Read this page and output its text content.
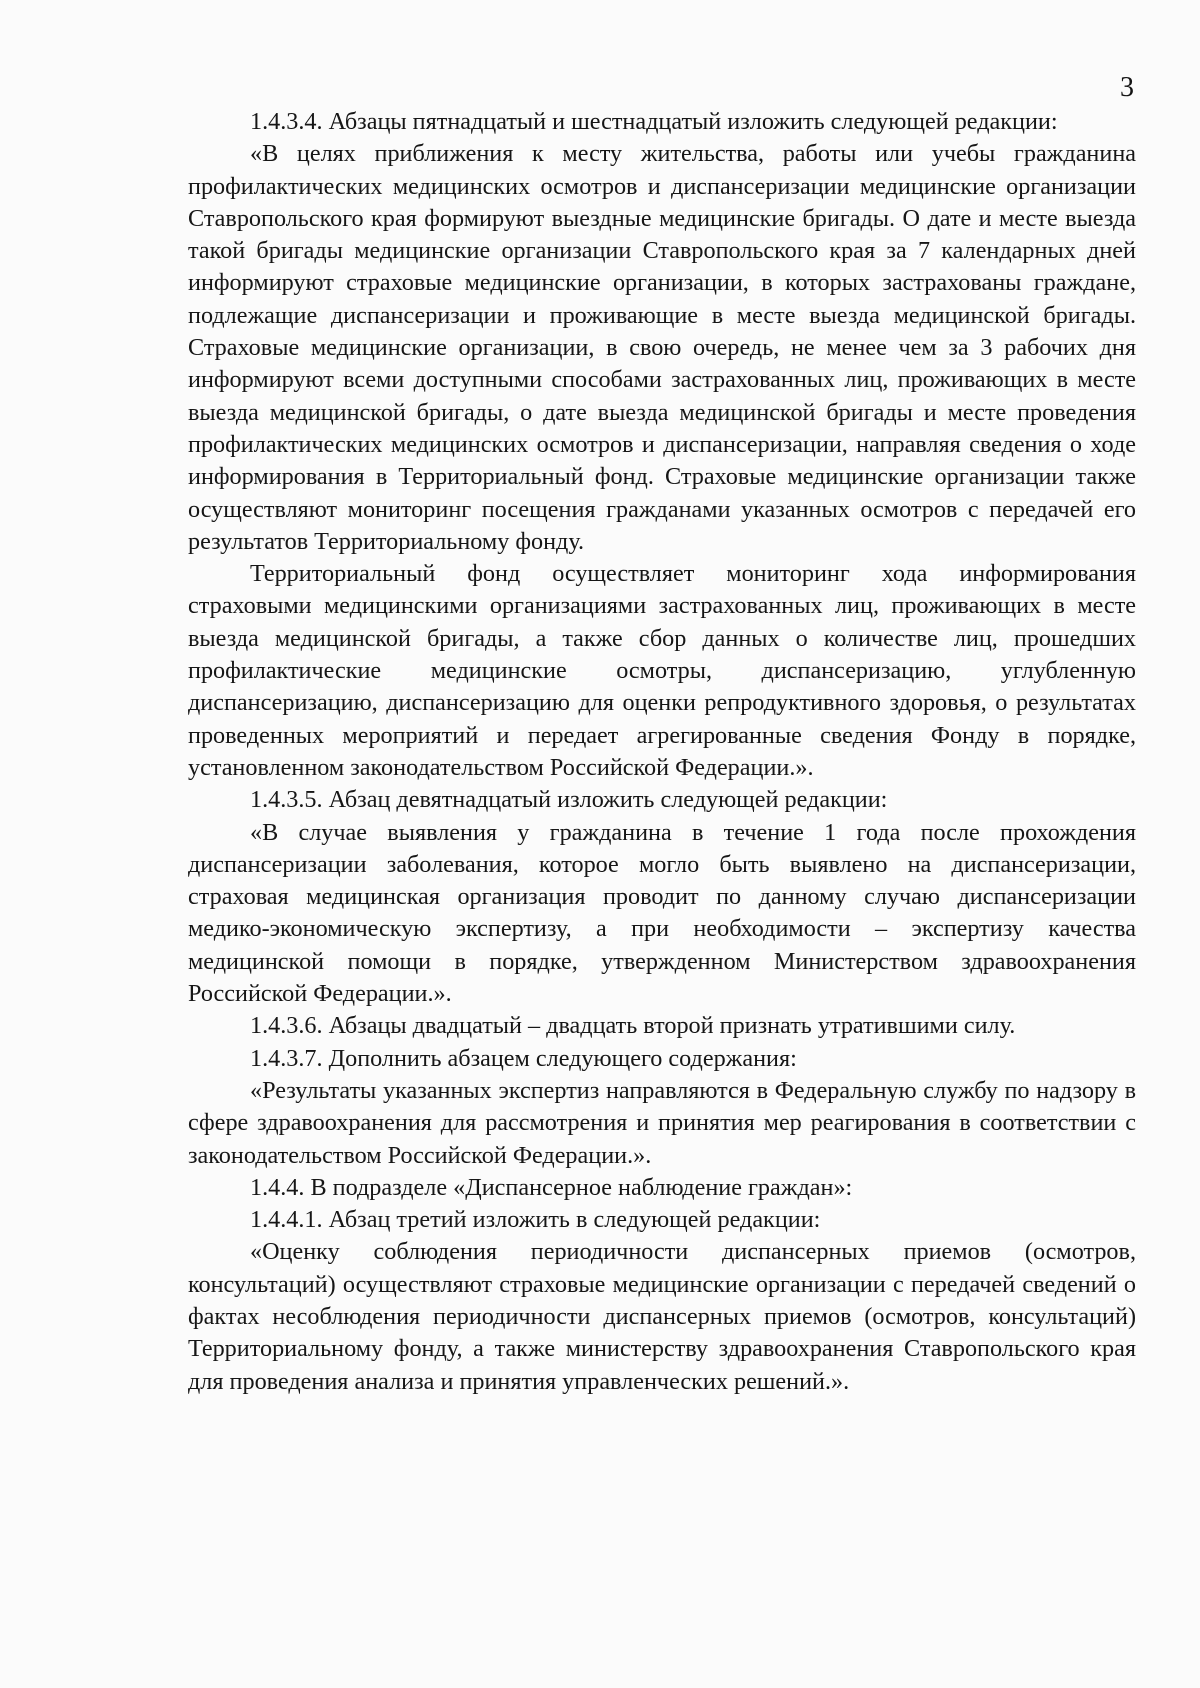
3

1.4.3.4. Абзацы пятнадцатый и шестнадцатый изложить следующей редакции:

«В целях приближения к месту жительства, работы или учебы гражданина профилактических медицинских осмотров и диспансеризации медицинские организации Ставропольского края формируют выездные медицинские бригады. О дате и месте выезда такой бригады медицинские организации Ставропольского края за 7 календарных дней информируют страховые медицинские организации, в которых застрахованы граждане, подлежащие диспансеризации и проживающие в месте выезда медицинской бригады. Страховые медицинские организации, в свою очередь, не менее чем за 3 рабочих дня информируют всеми доступными способами застрахованных лиц, проживающих в месте выезда медицинской бригады, о дате выезда медицинской бригады и месте проведения профилактических медицинских осмотров и диспансеризации, направляя сведения о ходе информирования в Территориальный фонд. Страховые медицинские организации также осуществляют мониторинг посещения гражданами указанных осмотров с передачей его результатов Территориальному фонду.

Территориальный фонд осуществляет мониторинг хода информирования страховыми медицинскими организациями застрахованных лиц, проживающих в месте выезда медицинской бригады, а также сбор данных о количестве лиц, прошедших профилактические медицинские осмотры, диспансеризацию, углубленную диспансеризацию, диспансеризацию для оценки репродуктивного здоровья, о результатах проведенных мероприятий и передает агрегированные сведения Фонду в порядке, установленном законодательством Российской Федерации.».

1.4.3.5. Абзац девятнадцатый изложить следующей редакции:

«В случае выявления у гражданина в течение 1 года после прохождения диспансеризации заболевания, которое могло быть выявлено на диспансеризации, страховая медицинская организация проводит по данному случаю диспансеризации медико-экономическую экспертизу, а при необходимости – экспертизу качества медицинской помощи в порядке, утвержденном Министерством здравоохранения Российской Федерации.».

1.4.3.6. Абзацы двадцатый – двадцать второй признать утратившими силу.

1.4.3.7. Дополнить абзацем следующего содержания:

«Результаты указанных экспертиз направляются в Федеральную службу по надзору в сфере здравоохранения для рассмотрения и принятия мер реагирования в соответствии с законодательством Российской Федерации.».

1.4.4. В подразделе «Диспансерное наблюдение граждан»:

1.4.4.1. Абзац третий изложить в следующей редакции:

«Оценку соблюдения периодичности диспансерных приемов (осмотров, консультаций) осуществляют страховые медицинские организации с передачей сведений о фактах несоблюдения периодичности диспансерных приемов (осмотров, консультаций) Территориальному фонду, а также министерству здравоохранения Ставропольского края для проведения анализа и принятия управленческих решений.».
